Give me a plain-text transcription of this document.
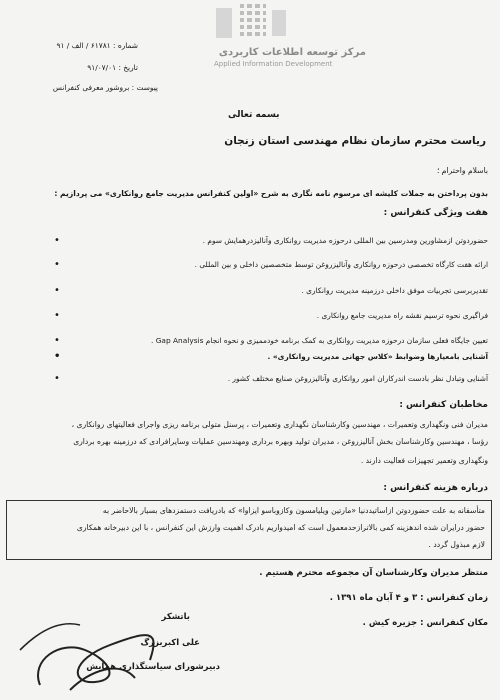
شماره : ۶۱۷۸۱ / الف / ۹۱
تاریخ : ۹۱/۰۷/۰۱
پیوست : بروشور معرفی کنفرانس
مرکز توسعه اطلاعات کاربردی
Applied Information Development
بسمه تعالی
ریاست محترم سازمان نظام مهندسی استان زنجان
باسلام واحترام ؛
بدون پرداختن به جملات کلیشه ای مرسوم نامه نگاری به شرح «اولین کنفرانس مدیریت جامع روانکاری» می پردازیم :
هفت ویژگی کنفرانس :
• حضوردوتن ازمشاورین ومدرسین بین المللی درحوزه مدیریت روانکاری وآنالیزدرهمایش سوم .
• ارائه هفت کارگاه تخصصی درحوزه روانکاری وآنالیزروغن توسط متخصصین داخلی و بین المللی .
• تقدیربرسی تجربیات موفق داخلی درزمینه مدیریت روانکاری .
• فراگیری نحوه ترسیم نقشه راه مدیریت جامع روانکاری .
• تعیین جایگاه فعلی سازمان درحوزه مدیریت روانکاری به کمک برنامه خودممیزی و نحوه انجام Gap Analysis .
• آشنایی بامعیارها وضوابط «کلاس جهانی مدیریت روانکاری» .
• آشنایی وتبادل نظر بادست اندرکاران امور روانکاری وآنالیزروغن صنایع مختلف کشور .
مخاطبان کنفرانس :
مدیران فنی ونگهداری وتعمیرات ، مهندسین وکارشناسان نگهداری وتعمیرات ، پرسنل متولی برنامه ریزی واجرای فعالیتهای روانکاری ،
رؤسا ، مهندسین وکارشناسان بخش آنالیزروغن ، مدیران تولید وبهره برداری ومهندسین عملیات وسایرافرادی که درزمینه بهره برداری
ونگهداری وتعمیر تجهیزات فعالیت دارند .
درباره هزینه کنفرانس :
متأسفانه به علت حضوردوتن ازاساتیددنیا «مارتین ویلیامسون وکازوباسو ایزاوا» که بادریافت دستمزدهای بسیار بالاحاضر به
حضور درایران شده اندهزینه کمی بالاترازحدمعمول است که امیدواریم بادرک اهمیت وارزش این کنفرانس ، با این دبیرخانه همکاری
لازم مبذول گردد .
منتظر مدیران وکارشناسان آن مجموعه محترم هستیم .
زمان کنفرانس : ۳ و ۴ آبان ماه ۱۳۹۱ .
مکان کنفرانس : جزیره کیش .
باتشکر
علی اکبربزرگ
دبیرشورای سیاستگذاری همایش
